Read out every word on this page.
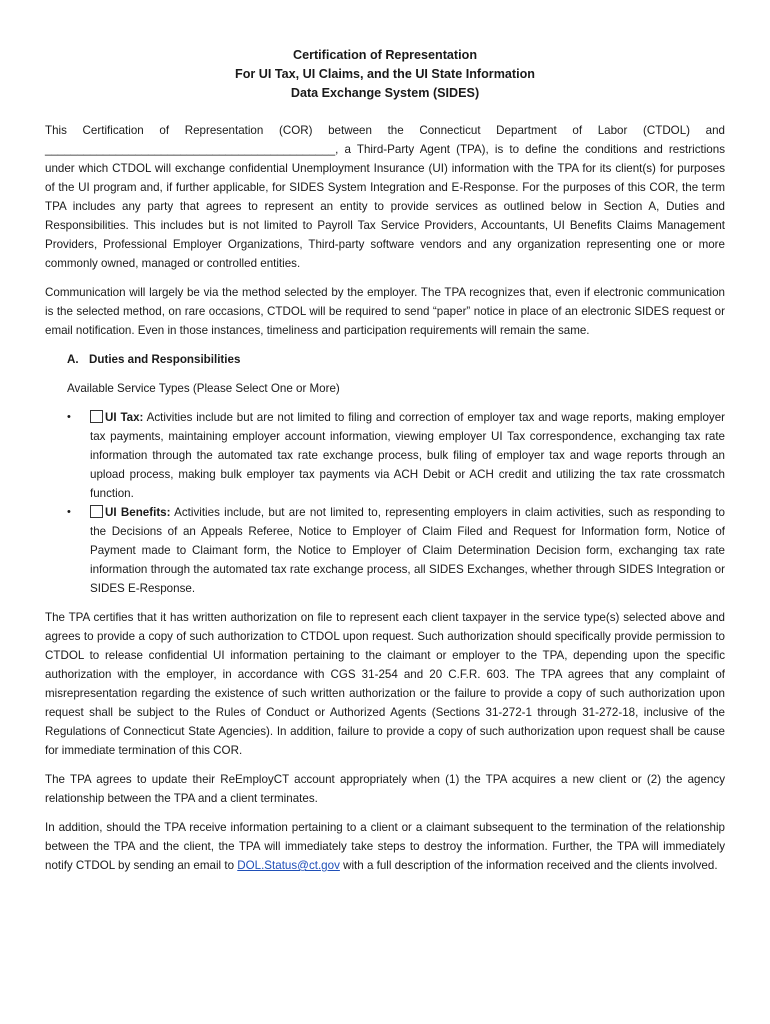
Certification of Representation

For UI Tax, UI Claims, and the UI State Information

Data Exchange System (SIDES)

This Certification of Representation (COR) between the Connecticut Department of Labor (CTDOL) and _____________________________________________, a Third-Party Agent (TPA), is to define the conditions and restrictions under which CTDOL will exchange confidential Unemployment Insurance (UI) information with the TPA for its client(s) for purposes of the UI program and, if further applicable, for SIDES System Integration and E-Response. For the purposes of this COR, the term TPA includes any party that agrees to represent an entity to provide services as outlined below in Section A, Duties and Responsibilities. This includes but is not limited to Payroll Tax Service Providers, Accountants, UI Benefits Claims Management Providers, Professional Employer Organizations, Third-party software vendors and any organization representing one or more commonly owned, managed or controlled entities.

Communication will largely be via the method selected by the employer. The TPA recognizes that, even if electronic communication is the selected method, on rare occasions, CTDOL will be required to send “paper” notice in place of an electronic SIDES request or email notification. Even in those instances, timeliness and participation requirements will remain the same.

A. Duties and Responsibilities
Available Service Types (Please Select One or More)
•	UI Tax: Activities include but are not limited to filing and correction of employer tax and wage reports, making employer tax payments, maintaining employer account information, viewing employer UI Tax correspondence, exchanging tax rate information through the automated tax rate exchange process, bulk filing of employer tax and wage reports through an upload process, making bulk employer tax payments via ACH Debit or ACH credit and utilizing the tax rate crossmatch function.
•	UI Benefits: Activities include, but are not limited to, representing employers in claim activities, such as responding to the Decisions of an Appeals Referee, Notice to Employer of Claim Filed and Request for Information form, Notice of Payment made to Claimant form, the Notice to Employer of Claim Determination Decision form, exchanging tax rate information through the automated tax rate exchange process, all SIDES Exchanges, whether through SIDES Integration or SIDES E-Response.

The TPA certifies that it has written authorization on file to represent each client taxpayer in the service type(s) selected above and agrees to provide a copy of such authorization to CTDOL upon request. Such authorization should specifically provide permission to CTDOL to release confidential UI information pertaining to the claimant or employer to the TPA, depending upon the specific authorization with the employer, in accordance with CGS 31-254 and 20 C.F.R. 603. The TPA agrees that any complaint of misrepresentation regarding the existence of such written authorization or the failure to provide a copy of such authorization upon request shall be subject to the Rules of Conduct or Authorized Agents (Sections 31-272-1 through 31-272-18, inclusive of the Regulations of Connecticut State Agencies). In addition, failure to provide a copy of such authorization upon request shall be cause for immediate termination of this COR.

The TPA agrees to update their ReEmployCT account appropriately when (1) the TPA acquires a new client or (2) the agency relationship between the TPA and a client terminates.

In addition, should the TPA receive information pertaining to a client or a claimant subsequent to the termination of the relationship between the TPA and the client, the TPA will immediately take steps to destroy the information. Further, the TPA will immediately notify CTDOL by sending an email to DOL.Status@ct.gov with a full description of the information received and the clients involved.
